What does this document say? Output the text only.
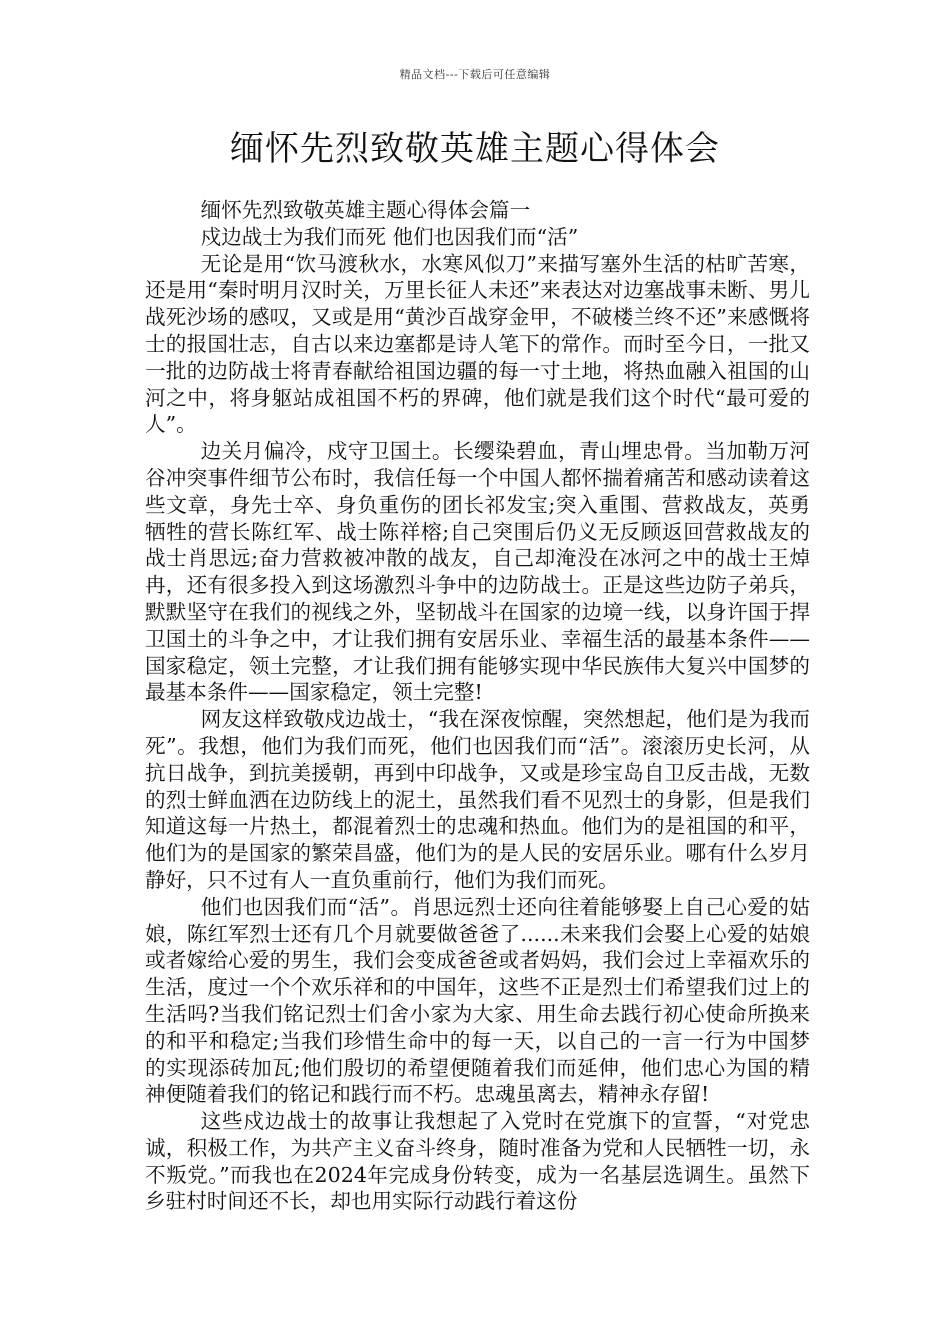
精品文档---下载后可任意编辑
缅怀先烈致敬英雄主题心得体会

缅怀先烈致敬英雄主题心得体会篇一

戍边战士为我们而死 他们也因我们而“活”

无论是用“饮马渡秋水，水寒风似刀”来描写塞外生活的枯旷苦寒，还是用“秦时明月汉时关，万里长征人未还”来表达对边塞战事未断、男儿战死沙场的感叹，又或是用“黄沙百战穿金甲，不破楼兰终不还”来感慨将士的报国壮志，自古以来边塞都是诗人笔下的常作。而时至今日，一批又一批的边防战士将青春献给祖国边疆的每一寸土地，将热血融入祖国的山河之中，将身躯站成祖国不朽的界碑，他们就是我们这个时代“最可爱的人”。

边关月偏冷，戍守卫国土。长缨染碧血，青山埋忠骨。当加勒万河谷冲突事件细节公布时，我信任每一个中国人都怀揣着痛苦和感动读着这些文章，身先士卒、身负重伤的团长祁发宝;突入重围、营救战友，英勇牺牲的营长陈红军、战士陈祥榕;自己突围后仍义无反顾返回营救战友的战士肖思远;奋力营救被冲散的战友，自己却淹没在冰河之中的战士王焯冉，还有很多投入到这场激烈斗争中的边防战士。正是这些边防子弟兵，默默坚守在我们的视线之外，坚韧战斗在国家的边境一线，以身许国于捍卫国土的斗争之中，才让我们拥有安居乐业、幸福生活的最基本条件——国家稳定，领土完整，才让我们拥有能够实现中华民族伟大复兴中国梦的最基本条件——国家稳定，领土完整!

网友这样致敬戍边战士，“我在深夜惊醒，突然想起，他们是为我而死”。我想，他们为我们而死，他们也因我们而“活”。滚滚历史长河，从抗日战争，到抗美援朝，再到中印战争，又或是珍宝岛自卫反击战，无数的烈士鲜血洒在边防线上的泥土，虽然我们看不见烈士的身影，但是我们知道这每一片热土，都混着烈士的忠魂和热血。他们为的是祖国的和平，他们为的是国家的繁荣昌盛，他们为的是人民的安居乐业。哪有什么岁月静好，只不过有人一直负重前行，他们为我们而死。

他们也因我们而“活”。肖思远烈士还向往着能够娶上自己心爱的姑娘，陈红军烈士还有几个月就要做爸爸了......未来我们会娶上心爱的姑娘或者嫁给心爱的男生，我们会变成爸爸或者妈妈，我们会过上幸福欢乐的生活，度过一个个欢乐祥和的中国年，这些不正是烈士们希望我们过上的生活吗?当我们铭记烈士们舍小家为大家、用生命去践行初心使命所换来的和平和稳定;当我们珍惜生命中的每一天，以自己的一言一行为中国梦的实现添砖加瓦;他们殷切的希望便随着我们而延伸，他们忠心为国的精神便随着我们的铭记和践行而不朽。忠魂虽离去，精神永存留!

这些戍边战士的故事让我想起了入党时在党旗下的宣誓，“对党忠诚，积极工作，为共产主义奋斗终身，随时准备为党和人民牺牲一切，永不叛党。”而我也在2024年完成身份转变，成为一名基层选调生。虽然下乡驻村时间还不长，却也用实际行动践行着这份
